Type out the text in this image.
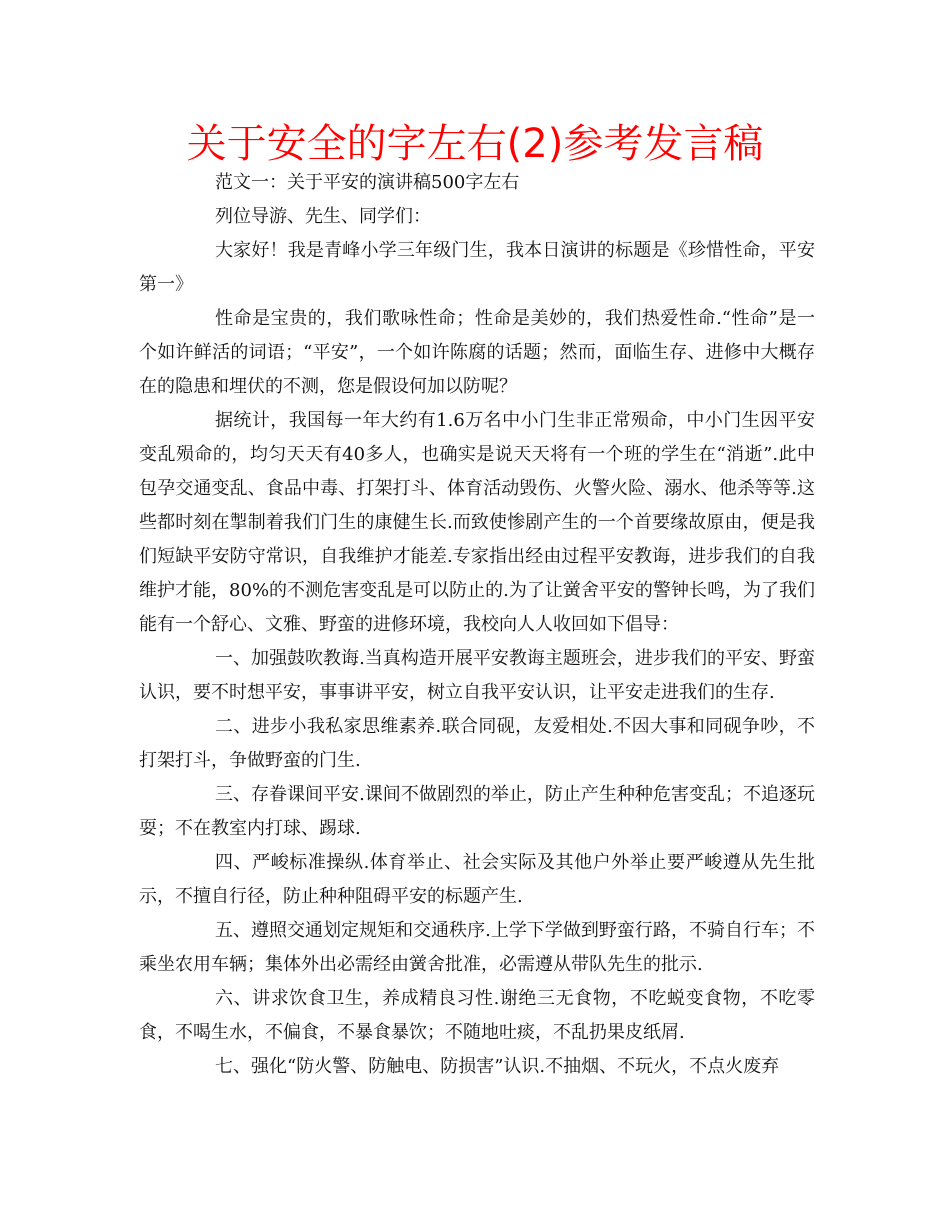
关于安全的字左右(2)参考发言稿

范文一：关于平安的演讲稿500字左右

列位导游、先生、同学们：

大家好！我是青峰小学三年级门生，我本日演讲的标题是《珍惜性命，平安第一》

性命是宝贵的，我们歌咏性命；性命是美妙的，我们热爱性命.“性命”是一个如许鲜活的词语；“平安”，一个如许陈腐的话题；然而，面临生存、进修中大概存在的隐患和埋伏的不测，您是假设何加以防呢？

据统计，我国每一年大约有1.6万名中小门生非正常殒命，中小门生因平安变乱殒命的，均匀天天有40多人，也确实是说天天将有一个班的学生在“消逝”.此中包孕交通变乱、食品中毒、打架打斗、体育活动毁伤、火警火险、溺水、他杀等等.这些都时刻在掣制着我们门生的康健生长.而致使惨剧产生的一个首要缘故原由，便是我们短缺平安防守常识，自我维护才能差.专家指出经由过程平安教诲，进步我们的自我维护才能，80%的不测危害变乱是可以防止的.为了让黉舍平安的警钟长鸣，为了我们能有一个舒心、文雅、野蛮的进修环境，我校向人人收回如下倡导：

一、加强鼓吹教诲.当真构造开展平安教诲主题班会，进步我们的平安、野蛮认识，要不时想平安，事事讲平安，树立自我平安认识，让平安走进我们的生存.

二、进步小我私家思维素养.联合同砚，友爱相处.不因大事和同砚争吵，不打架打斗，争做野蛮的门生.

三、存眷课间平安.课间不做剧烈的举止，防止产生种种危害变乱；不追逐玩耍；不在教室内打球、踢球.

四、严峻标准操纵.体育举止、社会实际及其他户外举止要严峻遵从先生批示，不擅自行径，防止种种阻碍平安的标题产生.

五、遵照交通划定规矩和交通秩序.上学下学做到野蛮行路，不骑自行车；不乘坐农用车辆；集体外出必需经由黉舍批准，必需遵从带队先生的批示.

六、讲求饮食卫生，养成精良习性.谢绝三无食物，不吃蜕变食物，不吃零食，不喝生水，不偏食，不暴食暴饮；不随地吐痰，不乱扔果皮纸屑.

七、强化“防火警、防触电、防损害”认识.不抽烟、不玩火，不点火废弃
